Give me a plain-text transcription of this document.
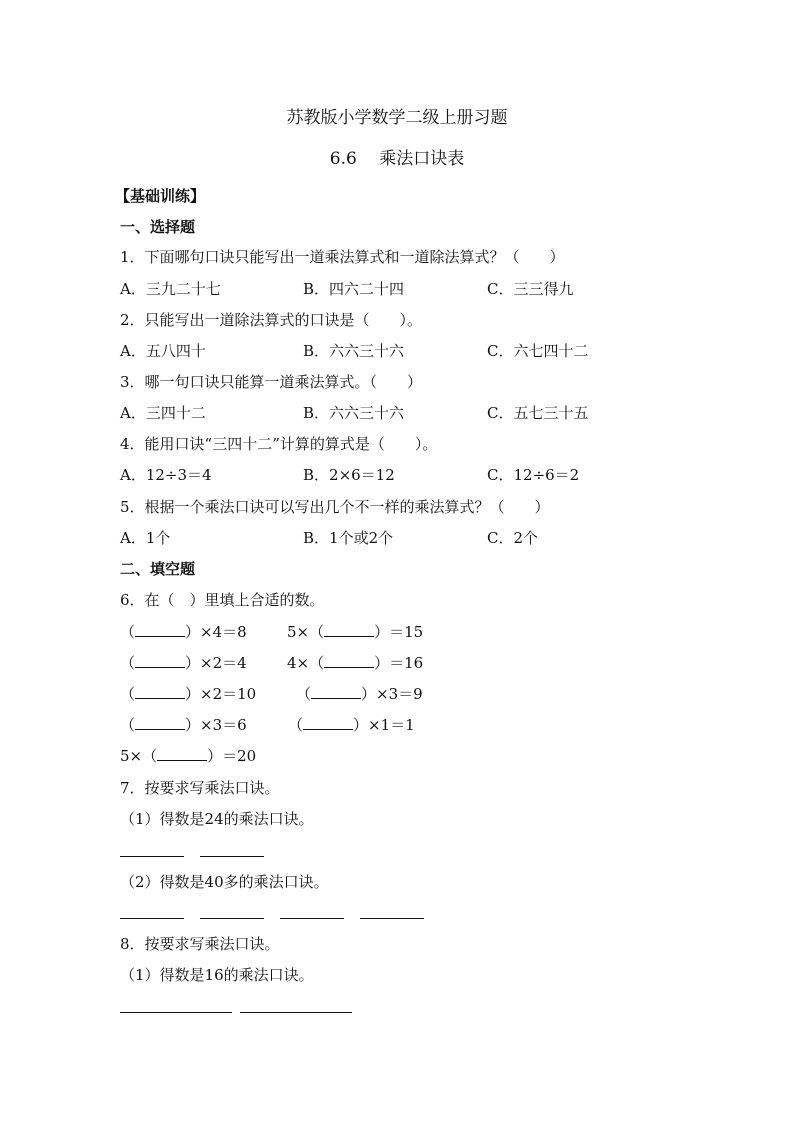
苏教版小学数学二级上册习题
6.6　 乘法口诀表
【基础训练】
一、选择题
1．下面哪句口诀只能写出一道乘法算式和一道除法算式？（　　）
A．三九二十七	B．四六二十四	C．三三得九
2．只能写出一道除法算式的口诀是（　　）。
A．五八四十	B．六六三十六	C．六七四十二
3．哪一句口诀只能算一道乘法算式。（　　）
A．三四十二	B．六六三十六	C．五七三十五
4．能用口诀“三四十二”计算的算式是（　　）。
A．12÷3＝4	B．2×6＝12	C．12÷6＝2
5．根据一个乘法口诀可以写出几个不一样的乘法算式？（　　）
A．1个	B．1个或2个	C．2个
二、填空题
6．在（　）里填上合适的数。
（	）×4＝8	5×（	）＝15
（	）×2＝4	4×（	）＝16
（	）×2＝10	（	）×3＝9
（	）×3＝6	（	）×1＝1
5×（	）＝20
7．按要求写乘法口诀。
（1）得数是24的乘法口诀。
（2）得数是40多的乘法口诀。
8．按要求写乘法口诀。
（1）得数是16的乘法口诀。
